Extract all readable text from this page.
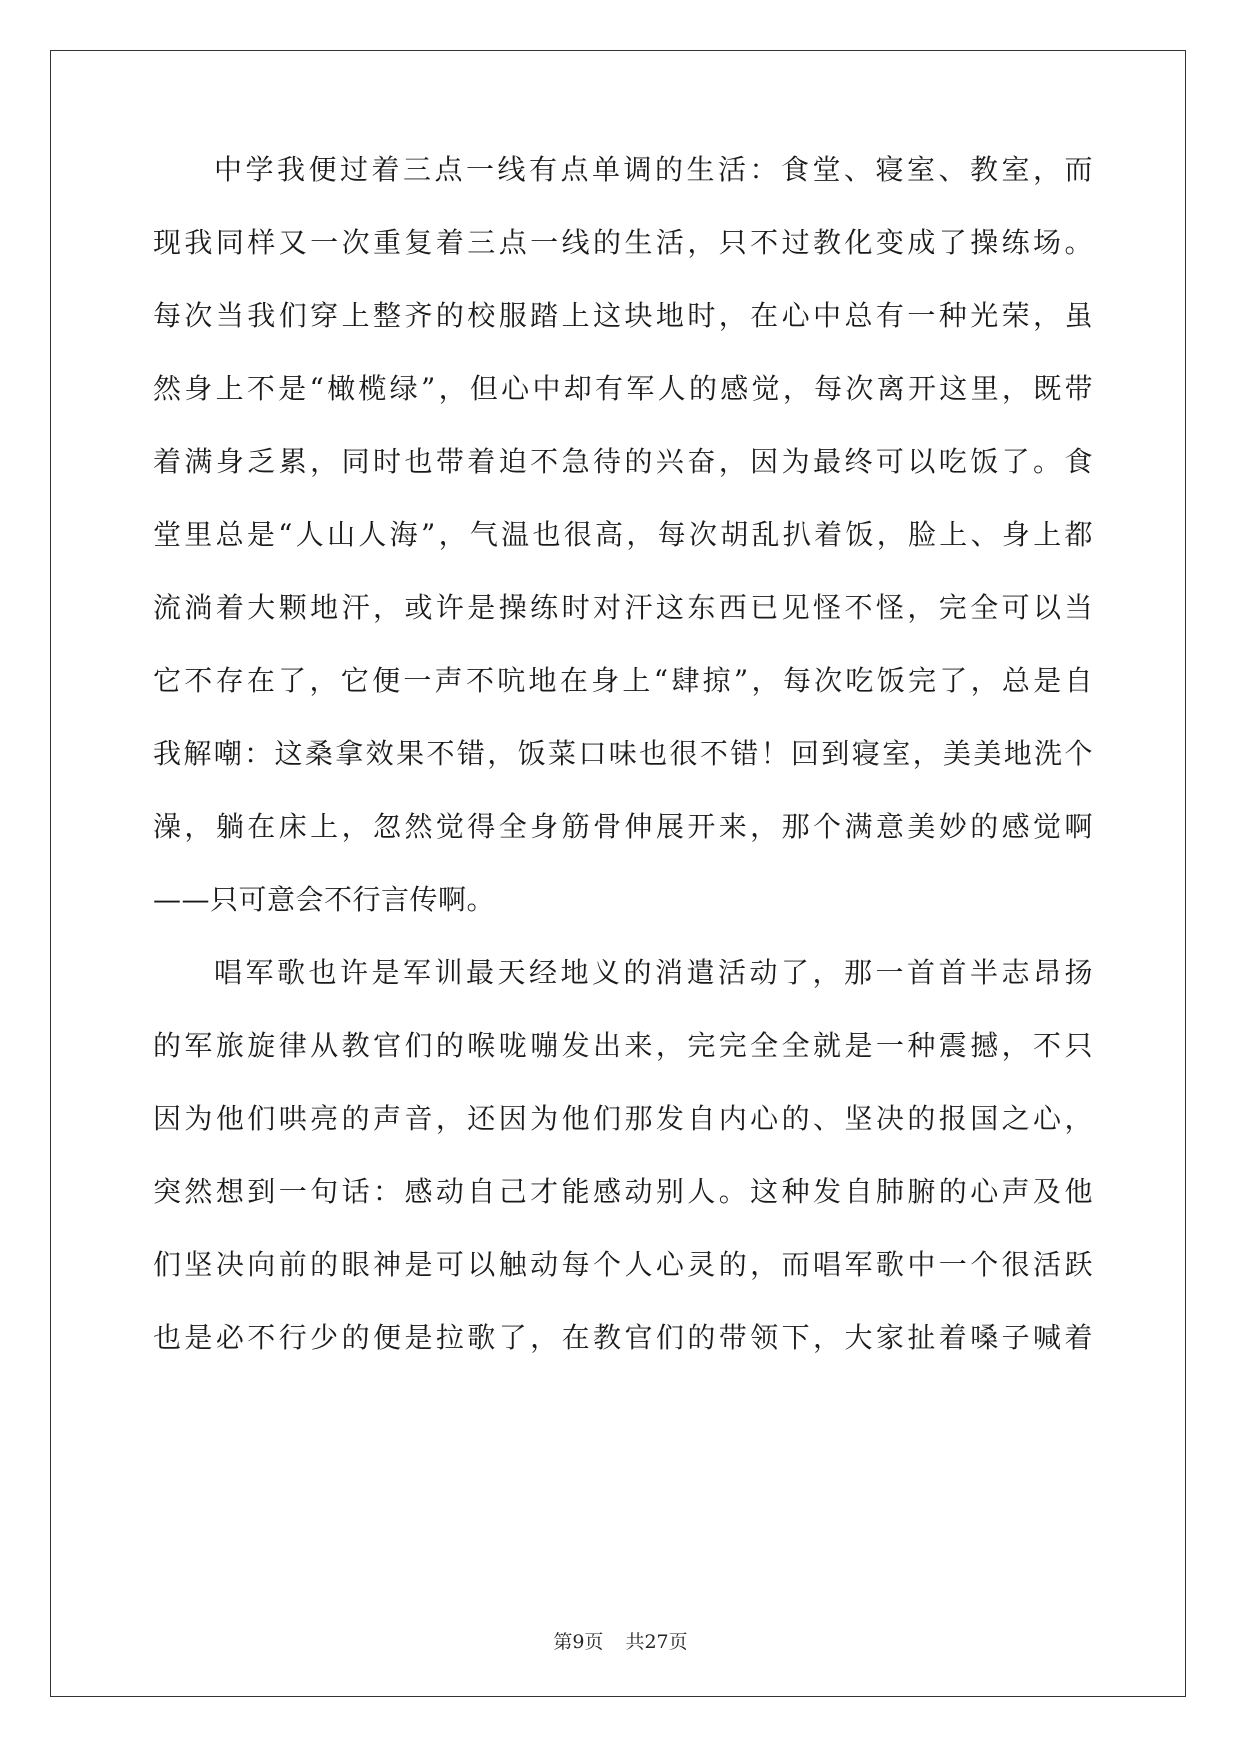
中学我便过着三点一线有点单调的生活：食堂、寝室、教室，而
现我同样又一次重复着三点一线的生活，只不过教化变成了操练场。
每次当我们穿上整齐的校服踏上这块地时，在心中总有一种光荣，虽
然身上不是“橄榄绿”，但心中却有军人的感觉，每次离开这里，既带
着满身乏累，同时也带着迫不急待的兴奋，因为最终可以吃饭了。食
堂里总是“人山人海”，气温也很高，每次胡乱扒着饭，脸上、身上都
流淌着大颗地汗，或许是操练时对汗这东西已见怪不怪，完全可以当
它不存在了，它便一声不吭地在身上“肆掠”，每次吃饭完了，总是自
我解嘲：这桑拿效果不错，饭菜口味也很不错！回到寝室，美美地洗个
澡，躺在床上，忽然觉得全身筋骨伸展开来，那个满意美妙的感觉啊
——只可意会不行言传啊。
唱军歌也许是军训最天经地义的消遣活动了，那一首首半志昂扬
的军旅旋律从教官们的喉咙嘣发出来，完完全全就是一种震撼，不只
因为他们哄亮的声音，还因为他们那发自内心的、坚决的报国之心，
突然想到一句话：感动自己才能感动别人。这种发自肺腑的心声及他
们坚决向前的眼神是可以触动每个人心灵的，而唱军歌中一个很活跃
也是必不行少的便是拉歌了，在教官们的带领下，大家扯着嗓子喊着
第9页 共27页
